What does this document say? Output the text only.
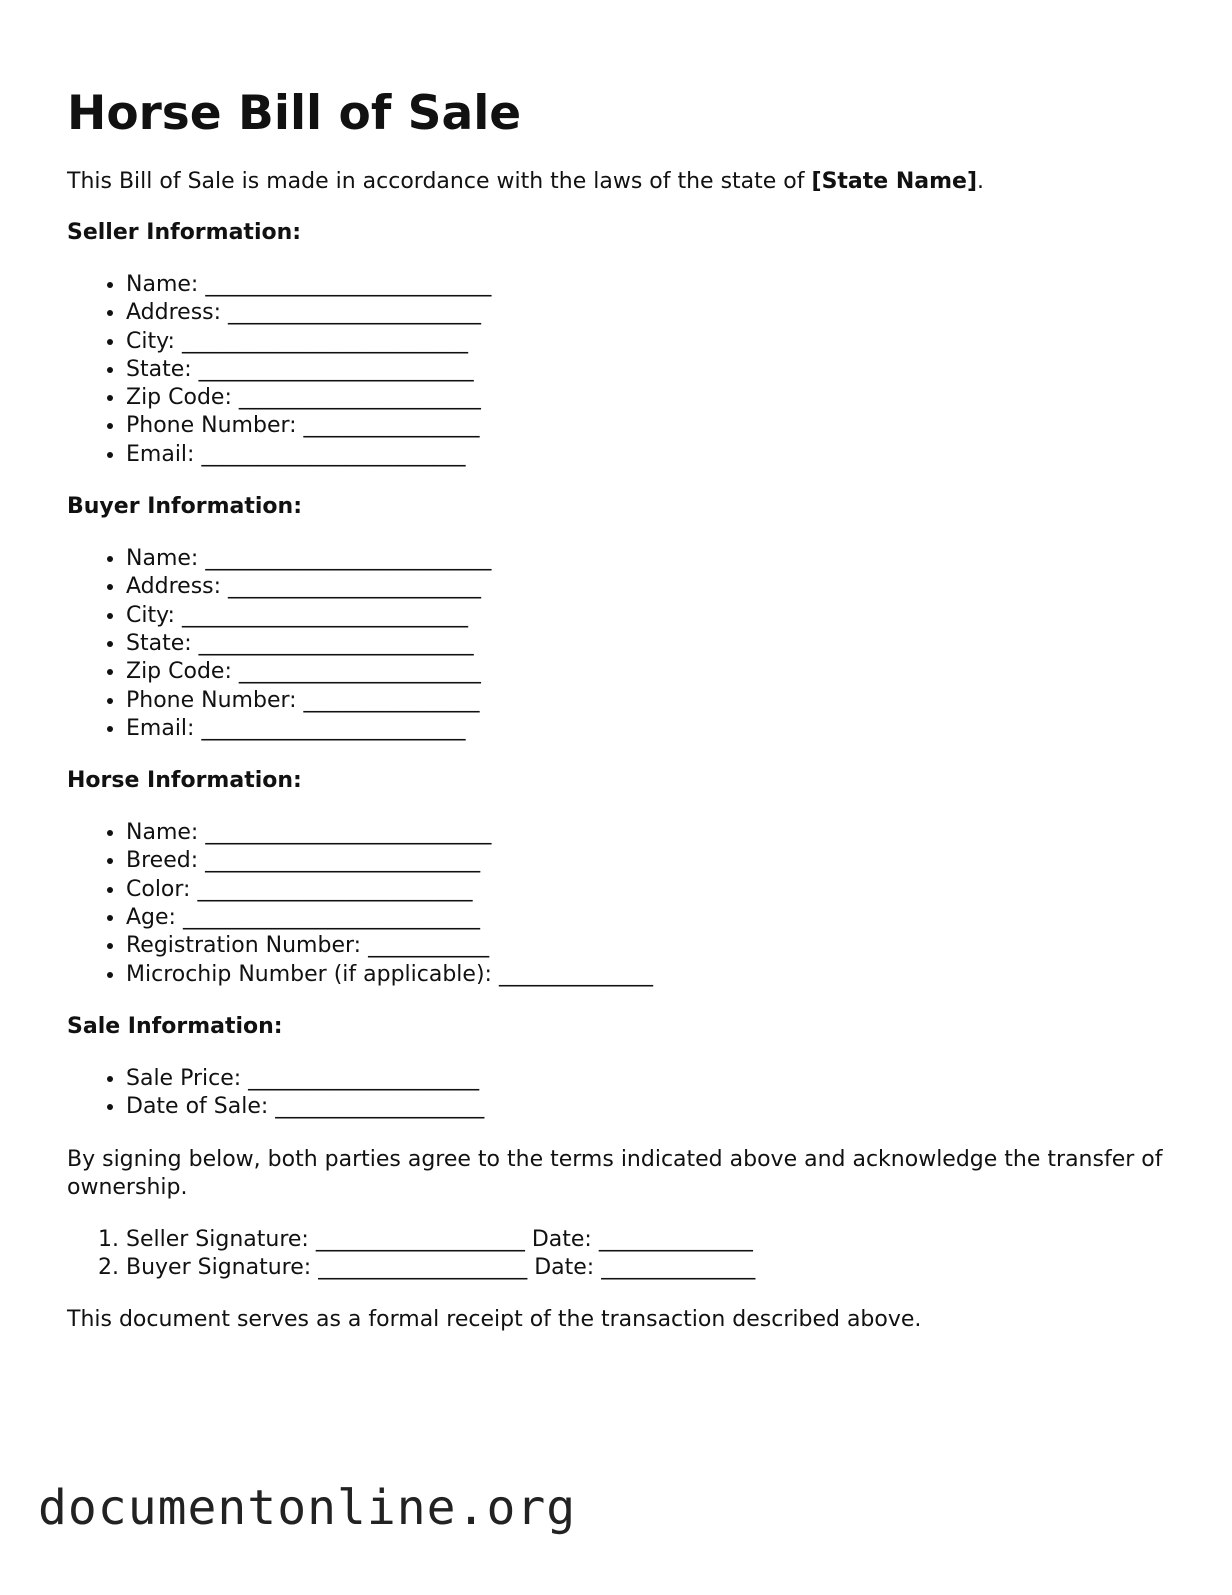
Horse Bill of Sale

This Bill of Sale is made in accordance with the laws of the state of [State Name].

Seller Information:
• Name: __________________________
• Address: _______________________
• City: __________________________
• State: _________________________
• Zip Code: ______________________
• Phone Number: ________________
• Email: ________________________
Buyer Information:
• Name: __________________________
• Address: _______________________
• City: __________________________
• State: _________________________
• Zip Code: ______________________
• Phone Number: ________________
• Email: ________________________
Horse Information:
• Name: __________________________
• Breed: _________________________
• Color: _________________________
• Age: ___________________________
• Registration Number: ___________
• Microchip Number (if applicable): ______________
Sale Information:
• Sale Price: _____________________
• Date of Sale: ___________________

By signing below, both parties agree to the terms indicated above and acknowledge the transfer of ownership.

1. Seller Signature: ___________________ Date: ______________
2. Buyer Signature: ___________________ Date: ______________

This document serves as a formal receipt of the transaction described above.

documentonline.org
